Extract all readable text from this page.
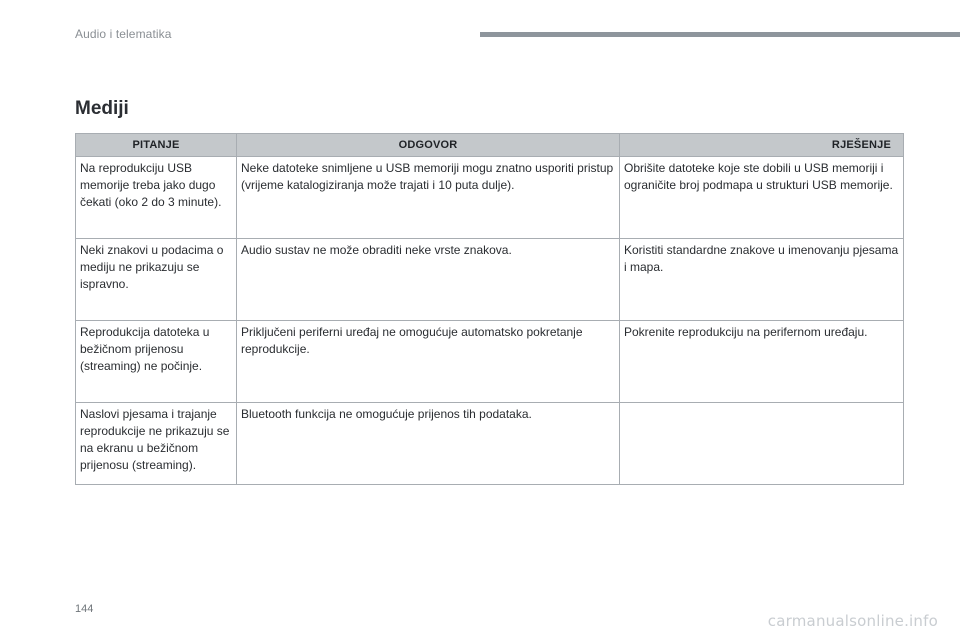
Audio i telematika
Mediji
PITANJE	ODGOVOR	RJEŠENJE
Na reprodukciju USB memorije treba jako dugo čekati (oko 2 do 3 minute).	Neke datoteke snimljene u USB memoriji mogu znatno usporiti pristup (vrijeme katalogiziranja može trajati i 10 puta dulje).	Obrišite datoteke koje ste dobili u USB memoriji i ograničite broj podmapa u strukturi USB memorije.
Neki znakovi u podacima o mediju ne prikazuju se ispravno.	Audio sustav ne može obraditi neke vrste znakova.	Koristiti standardne znakove u imenovanju pjesama i mapa.
Reprodukcija datoteka u bežičnom prijenosu (streaming) ne počinje.	Priključeni periferni uređaj ne omogućuje automatsko pokretanje reprodukcije.	Pokrenite reprodukciju na perifernom uređaju.
Naslovi pjesama i trajanje reprodukcije ne prikazuju se na ekranu u bežičnom prijenosu (streaming).	Bluetooth funkcija ne omogućuje prijenos tih podataka.	
144
carmanualsonline.info
